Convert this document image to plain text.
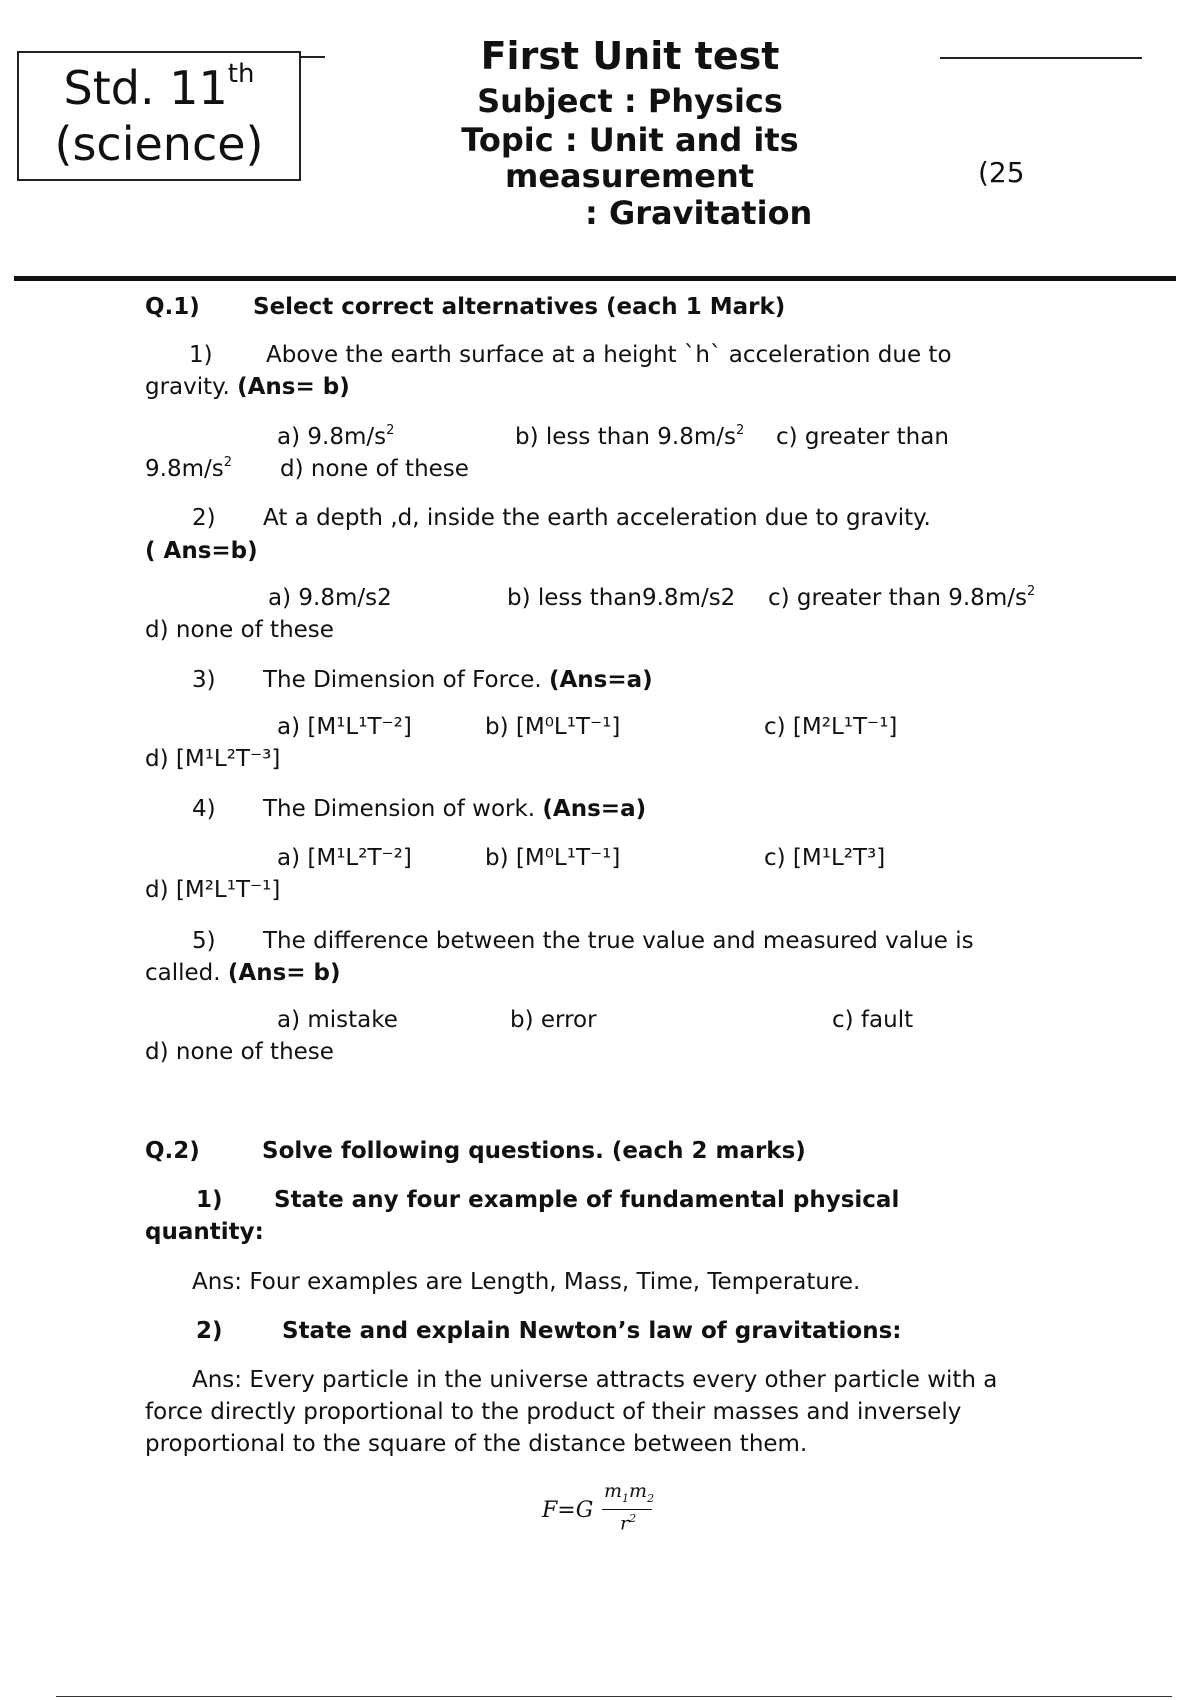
Std. 11th
(science)
First Unit test
Subject : Physics
Topic : Unit and its
measurement
: Gravitation
(25
Q.1) Select correct alternatives (each 1 Mark)
1) Above the earth surface at a height `h` acceleration due to
gravity. (Ans= b)
a) $9.8m/s^2$	b) less than $9.8m/s^2$ c) greater than
$9.8m/s^2$ d) none of these
2) At a depth ,d, inside the earth acceleration due to gravity.
( Ans=b)
a) 9.8m/s2	b) less than9.8m/s2 c) greater than $9.8m/s^2$
d) none of these
3) The Dimension of Force. (Ans=a)
a) [M¹L¹T⁻²]	b) [M⁰L¹T⁻¹]	c) [M²L¹T⁻¹]
d) [M¹L²T⁻³]
4) The Dimension of work. (Ans=a)
a) [M¹L²T⁻²]	b) [M⁰L¹T⁻¹]	c) [M¹L²T³]
d) [M²L¹T⁻¹]
5) The difference between the true value and measured value is
called. (Ans= b)
a) mistake	b) error	c) fault
d) none of these
Q.2)	Solve following questions. (each 2 marks)
1) State any four example of fundamental physical
quantity:
Ans: Four examples are Length, Mass, Time, Temperature.
2)	State and explain Newton’s law of gravitations:
Ans: Every particle in the universe attracts every other particle with a
force directly proportional to the product of their masses and inversely
proportional to the square of the distance between them.
F=G
$m_1m_2$
$r^2$
